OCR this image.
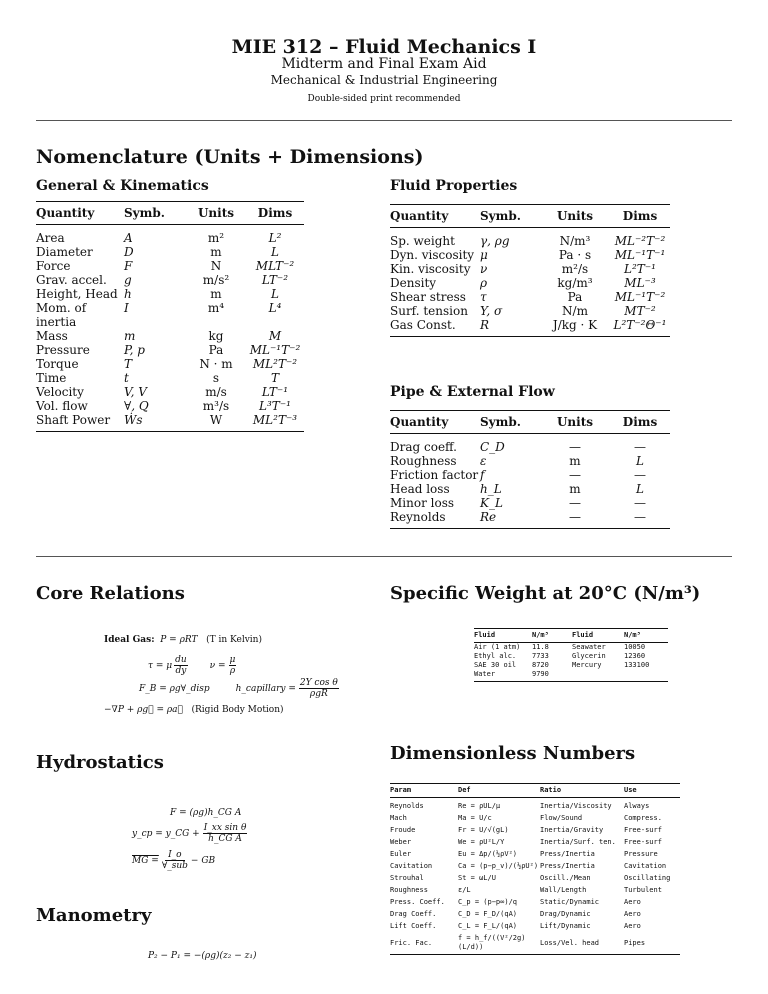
MIE 312 – Fluid Mechanics I
Midterm and Final Exam Aid
Mechanical & Industrial Engineering
Double-sided print recommended
Nomenclature (Units + Dimensions)
General & Kinematics
Quantity	Symb.	Units	Dims
Area	A	m²	L²
Diameter	D	m	L
Force	F	N	MLT⁻²
Grav. accel.	g	m/s²	LT⁻²
Height, Head	h	m	L
Mom. of inertia	I	m⁴	L⁴
Mass	m	kg	M
Pressure	P, p	Pa	ML⁻¹T⁻²
Torque	T	N · m	ML²T⁻²
Time	t	s	T
Velocity	V, V	m/s	LT⁻¹
Vol. flow	∀, Q	m³/s	L³T⁻¹
Shaft Power	Ẇs	W	ML²T⁻³
Fluid Properties
Quantity	Symb.	Units	Dims
Sp. weight	γ, ρg	N/m³	ML⁻²T⁻²
Dyn. viscosity	μ	Pa · s	ML⁻¹T⁻¹
Kin. viscosity	ν	m²/s	L²T⁻¹
Density	ρ	kg/m³	ML⁻³
Shear stress	τ	Pa	ML⁻¹T⁻²
Surf. tension	Y, σ	N/m	MT⁻²
Gas Const.	R	J/kg · K	L²T⁻²Θ⁻¹
Pipe & External Flow
Quantity	Symb.	Units	Dims
Drag coeff.	C_D	—	—
Roughness	ε	m	L
Friction factor	f	—	—
Head loss	h_L	m	L
Minor loss	K_L	—	—
Reynolds	Re	—	—
Core Relations
Ideal Gas: P = ρRT (T in Kelvin)
τ = μ $\frac{du}{dy}$ $\nu = \frac{\mu}{\rho}$
F_B = ρg∀_disp	h_capillary =
2Y cos θ
ρgR
−∇P + ρg⃗ = ρa⃗ (Rigid Body Motion)
Specific Weight at 20°C (N/m³)
Fluid	N/m³	Fluid	N/m³
Air (1 atm)	11.8	Seawater	10050
Ethyl alc.	7733	Glycerin	12360
SAE 30 oil	8720	Mercury	133100
Water	9790		
Hydrostatics
F = (ρg)h_CG A
y_cp = y_CG + $\frac{\text{I\_xx sin θ}}{\text{h\_CG A}}$
MG =
I_o
∀_sub
− GB
Manometry
P₂ − P₁ = −(ρg)(z₂ − z₁)
Dimensionless Numbers
Param	Def	Ratio	Use
Reynolds	Re = ρUL/μ	Inertia/Viscosity	Always
Mach	Ma = U/c	Flow/Sound	Compress.
Froude	Fr = U/√(gL)	Inertia/Gravity	Free-surf
Weber	We = ρU²L/Y	Inertia/Surf. ten.	Free-surf
Euler	Eu = Δp/(½ρV²)	Press/Inertia	Pressure
Cavitation	Ca = (p−p_v)/(½ρU²)	Press/Inertia	Cavitation
Strouhal	St = ωL/U	Oscill./Mean	Oscillating
Roughness	ε/L	Wall/Length	Turbulent
Press. Coeff.	C_p = (p−p∞)/q	Static/Dynamic	Aero
Drag Coeff.	C_D = F_D/(qA)	Drag/Dynamic	Aero
Lift Coeff.	C_L = F_L/(qA)	Lift/Dynamic	Aero
Fric. Fac.	f = h_f/((V²/2g)(L/d))	Loss/Vel. head	Pipes
